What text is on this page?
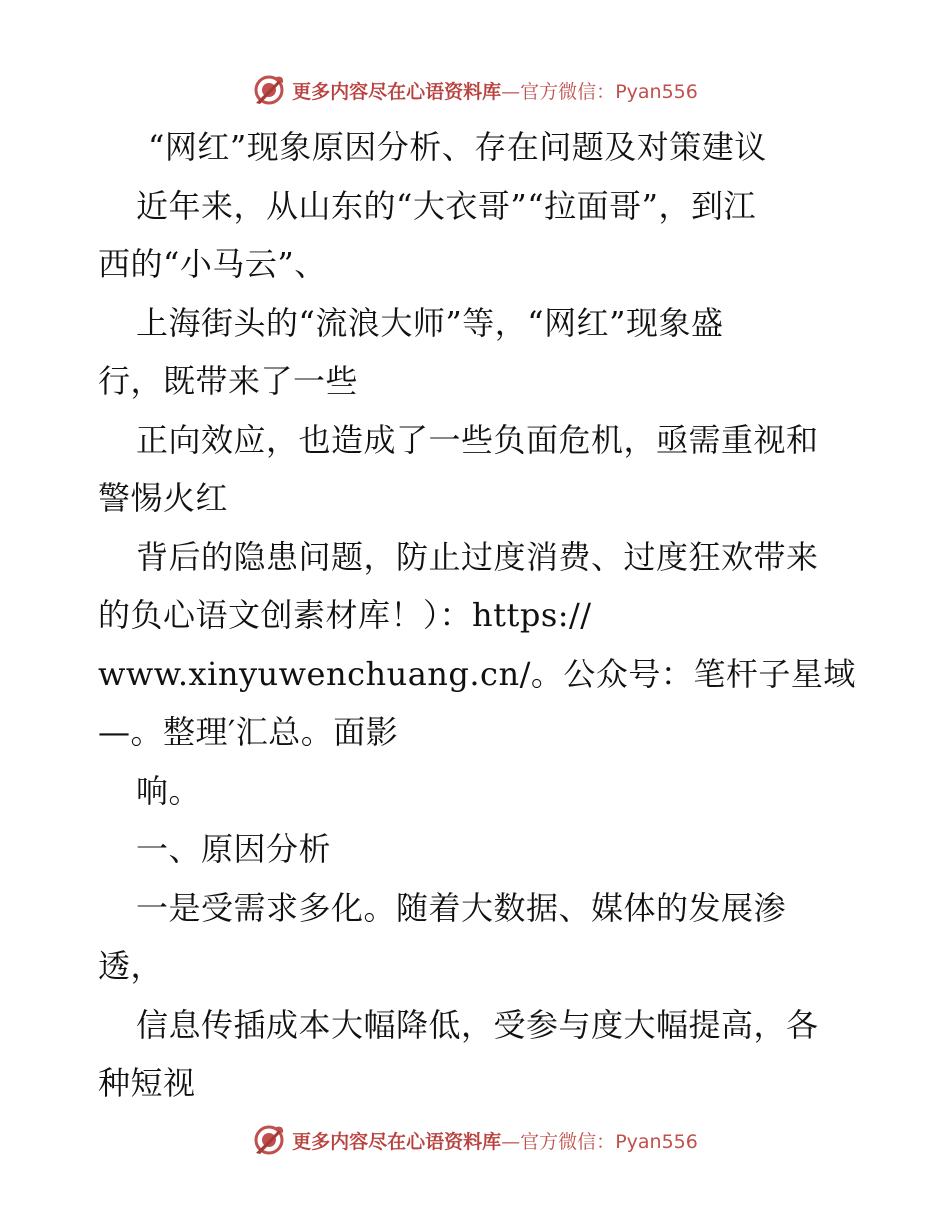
更多内容尽在心语资料库—官方微信：Pyan556
“网红”现象原因分析、存在问题及对策建议
近年来，从山东的“大衣哥”“拉面哥”，到江
西的“小马云”、
上海街头的“流浪大师”等，“网红”现象盛
行，既带来了一些
正向效应，也造成了一些负面危机，亟需重视和
警惕火红
背后的隐患问题，防止过度消费、过度狂欢带来
的负心语文创素材库！）：https://
www.xinyuwenchuang.cn/。公众号：笔杆子星域
—。整理′汇总。面影
响。
一、原因分析
一是受需求多化。随着大数据、媒体的发展渗
透，
信息传插成本大幅降低，受参与度大幅提高，各
种短视
更多内容尽在心语资料库—官方微信：Pyan556
